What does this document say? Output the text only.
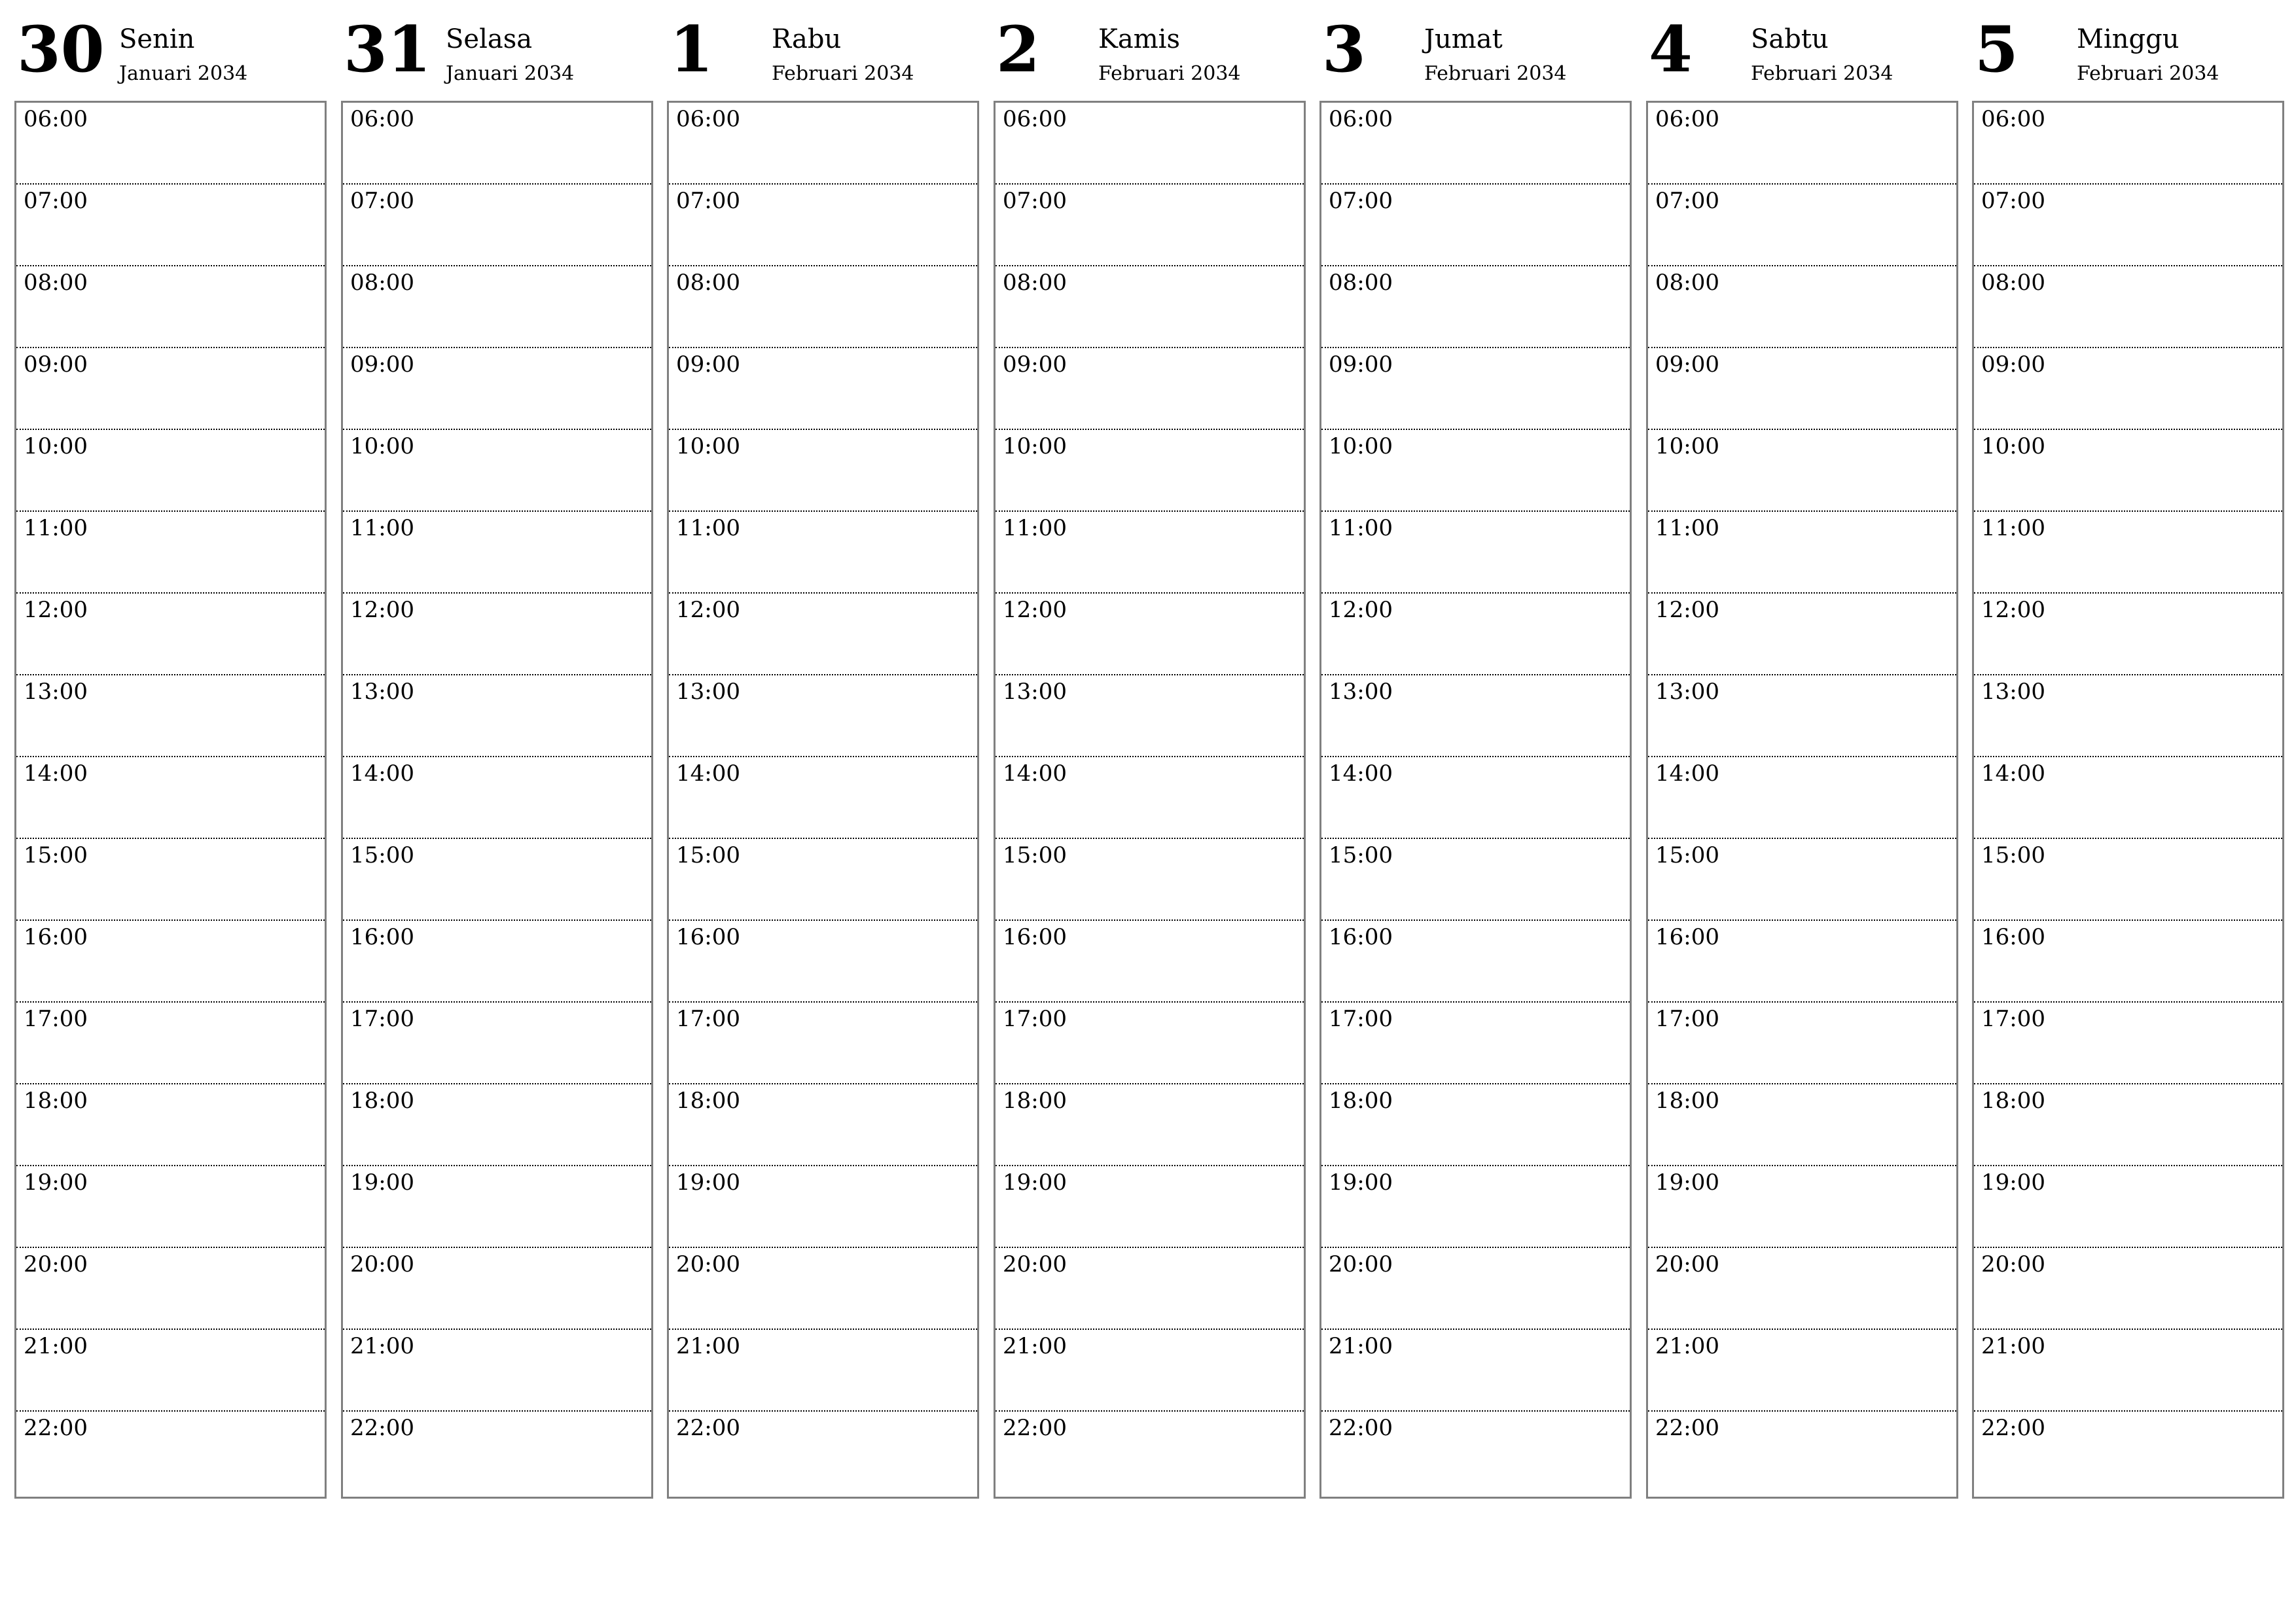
30 Senin
Januari 2034
06:00
07:00
08:00
09:00
10:00
11:00
12:00
13:00
14:00
15:00
16:00
17:00
18:00
19:00
20:00
21:00
22:00
31 Selasa
Januari 2034
06:00
07:00
08:00
09:00
10:00
11:00
12:00
13:00
14:00
15:00
16:00
17:00
18:00
19:00
20:00
21:00
22:00
1 Rabu
Februari 2034
06:00
07:00
08:00
09:00
10:00
11:00
12:00
13:00
14:00
15:00
16:00
17:00
18:00
19:00
20:00
21:00
22:00
2 Kamis
Februari 2034
06:00
07:00
08:00
09:00
10:00
11:00
12:00
13:00
14:00
15:00
16:00
17:00
18:00
19:00
20:00
21:00
22:00
3 Jumat
Februari 2034
06:00
07:00
08:00
09:00
10:00
11:00
12:00
13:00
14:00
15:00
16:00
17:00
18:00
19:00
20:00
21:00
22:00
4 Sabtu
Februari 2034
06:00
07:00
08:00
09:00
10:00
11:00
12:00
13:00
14:00
15:00
16:00
17:00
18:00
19:00
20:00
21:00
22:00
5 Minggu
Februari 2034
06:00
07:00
08:00
09:00
10:00
11:00
12:00
13:00
14:00
15:00
16:00
17:00
18:00
19:00
20:00
21:00
22:00
